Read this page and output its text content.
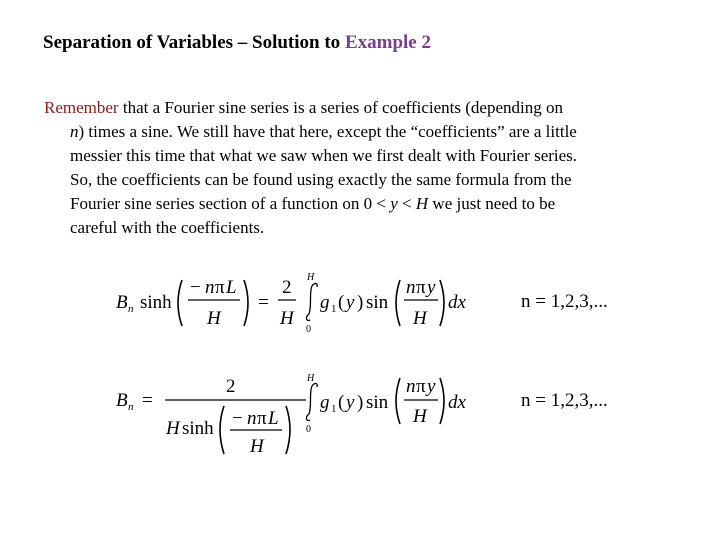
Separation of Variables – Solution to Example 2
Remember that a Fourier sine series is a series of coefficients (depending on
n) times a sine. We still have that here, except the “coefficients” are a little
messier this time that what we saw when we first dealt with Fourier series.
So, the coefficients can be found using exactly the same formula from the
Fourier sine series section of a function on 0 < y < H we just need to be
careful with the coefficients.
B n sinh
− n π L
H
=
2
H
H
0
g 1 ( y ) sin
n π y
H
dx	n = 1,2,3,...
B n =
2
H sinh − n π L
H
H
0
g 1 ( y ) sin
n π y
H
dx	n = 1,2,3,...
